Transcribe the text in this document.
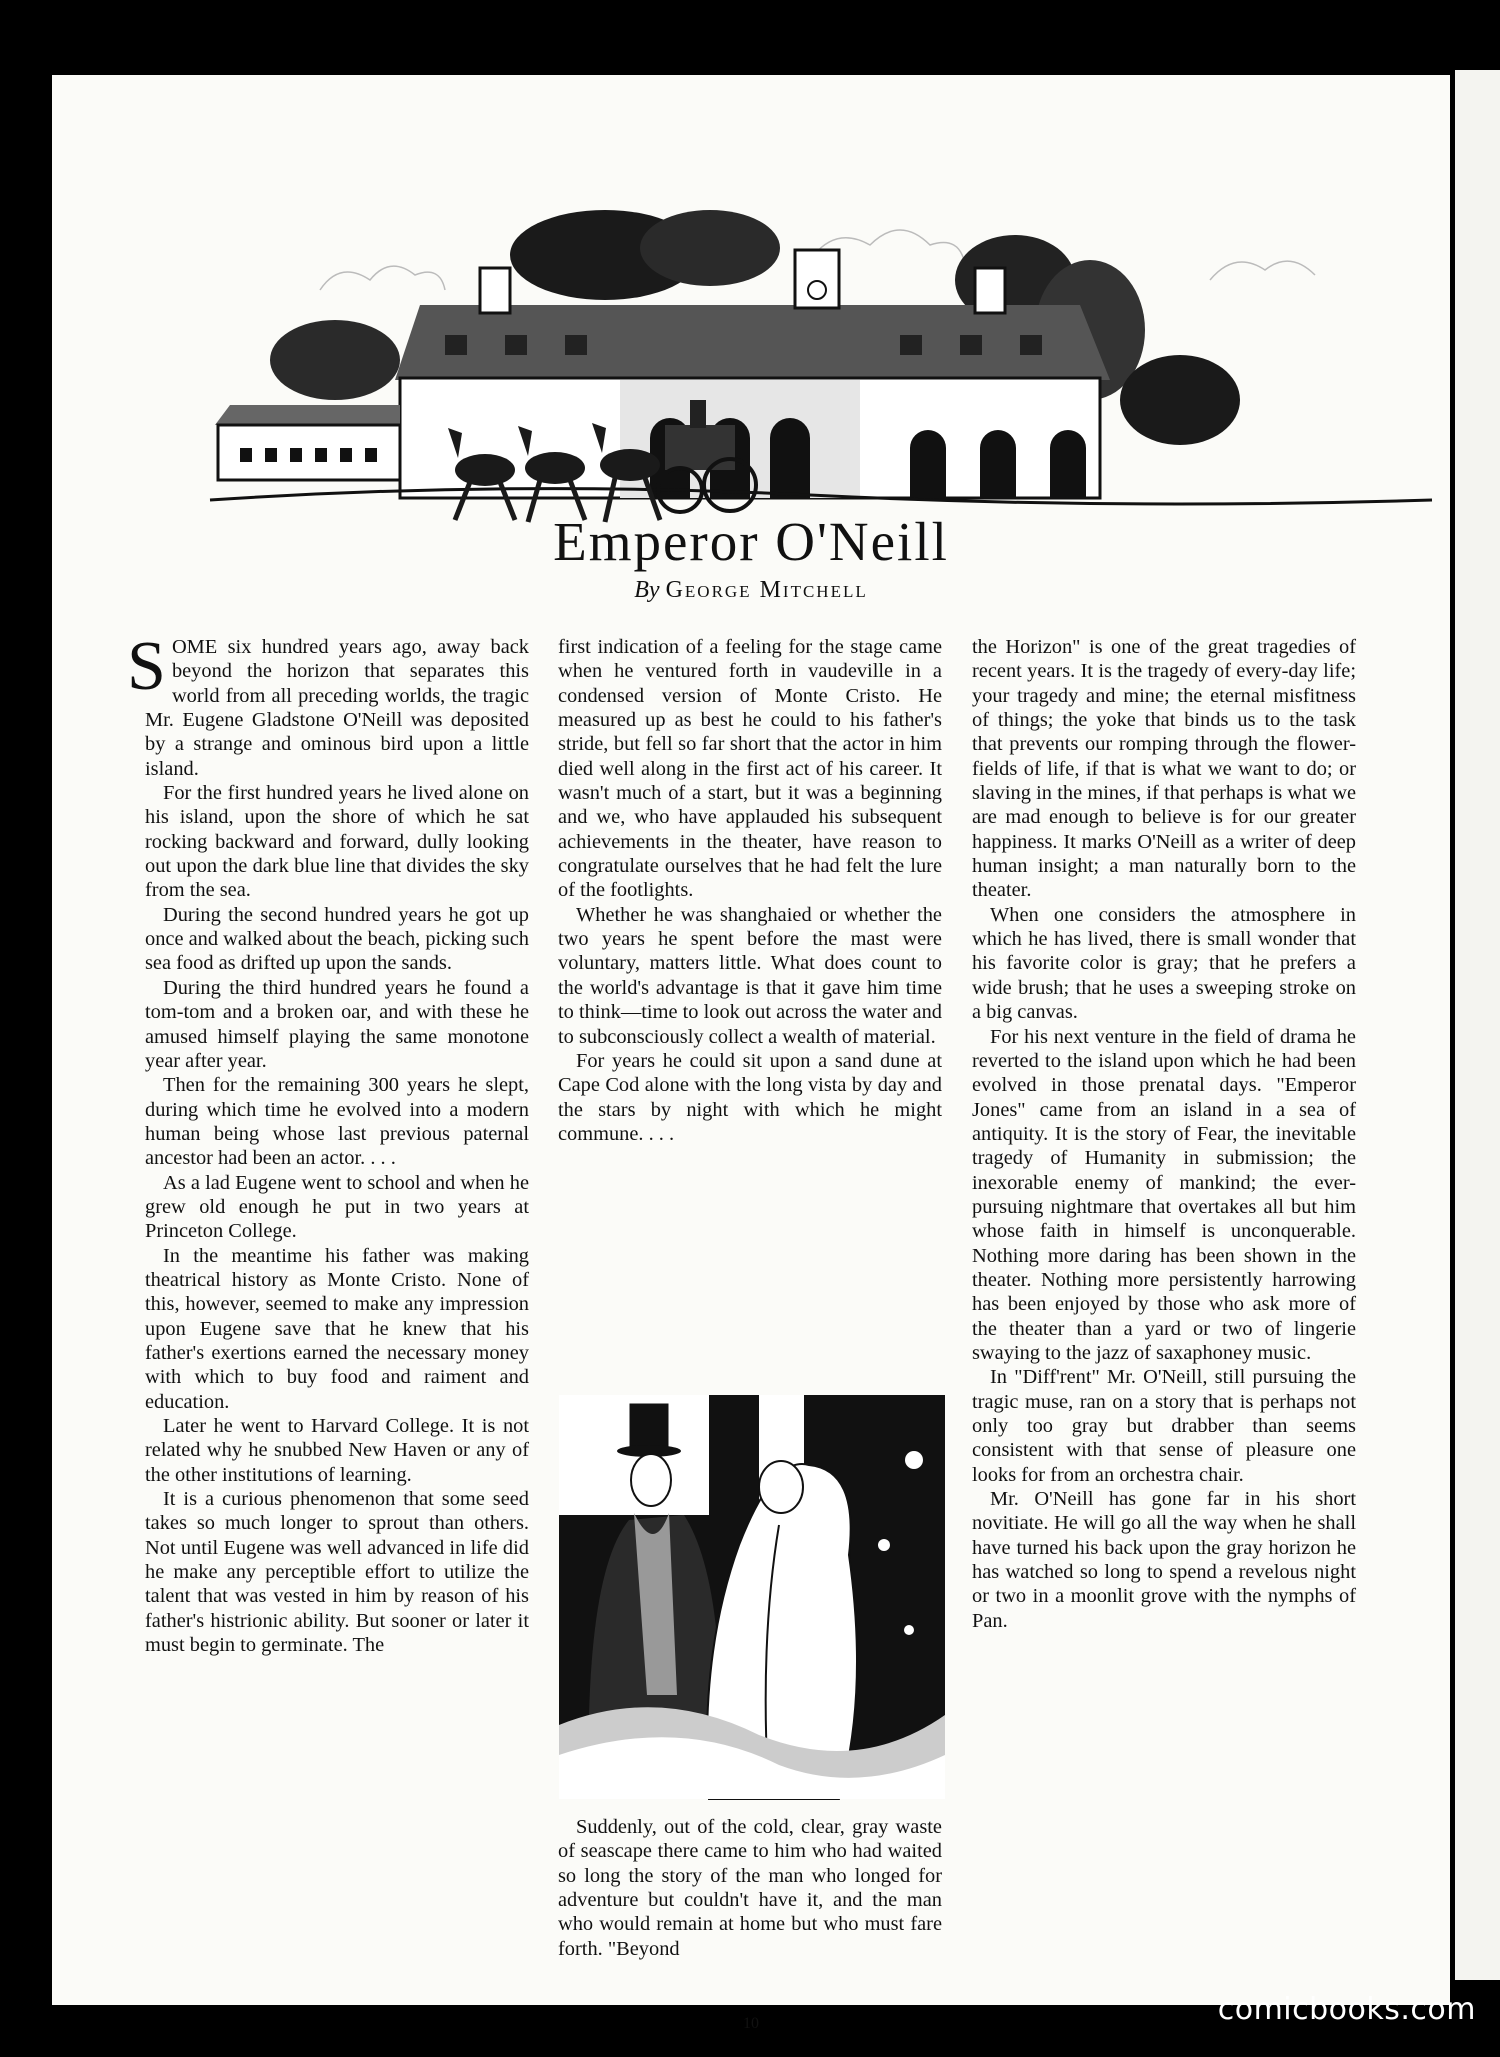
Emperor O'Neill
By George Mitchell

SOME six hundred years ago, away back beyond the horizon that separates this world from all preceding worlds, the tragic Mr. Eugene Gladstone O'Neill was deposited by a strange and ominous bird upon a little island.

For the first hundred years he lived alone on his island, upon the shore of which he sat rocking backward and forward, dully looking out upon the dark blue line that divides the sky from the sea.

During the second hundred years he got up once and walked about the beach, picking such sea food as drifted up upon the sands.

During the third hundred years he found a tom-tom and a broken oar, and with these he amused himself playing the same monotone year after year.

Then for the remaining 300 years he slept, during which time he evolved into a modern human being whose last previous paternal ancestor had been an actor. . . .

As a lad Eugene went to school and when he grew old enough he put in two years at Princeton College.

In the meantime his father was making theatrical history as Monte Cristo. None of this, however, seemed to make any impression upon Eugene save that he knew that his father's exertions earned the necessary money with which to buy food and raiment and education.

Later he went to Harvard College. It is not related why he snubbed New Haven or any of the other institutions of learning.

It is a curious phenomenon that some seed takes so much longer to sprout than others. Not until Eugene was well advanced in life did he make any perceptible effort to utilize the talent that was vested in him by reason of his father's histrionic ability. But sooner or later it must begin to germinate. The

first indication of a feeling for the stage came when he ventured forth in vaudeville in a condensed version of Monte Cristo. He measured up as best he could to his father's stride, but fell so far short that the actor in him died well along in the first act of his career. It wasn't much of a start, but it was a beginning and we, who have applauded his subsequent achievements in the theater, have reason to congratulate ourselves that he had felt the lure of the footlights.

Whether he was shanghaied or whether the two years he spent before the mast were voluntary, matters little. What does count to the world's advantage is that it gave him time to think—time to look out across the water and to subconsciously collect a wealth of material.

For years he could sit upon a sand dune at Cape Cod alone with the long vista by day and the stars by night with which he might commune. . . .

Suddenly, out of the cold, clear, gray waste of seascape there came to him who had waited so long the story of the man who longed for adventure but couldn't have it, and the man who would remain at home but who must fare forth. "Beyond

the Horizon" is one of the great tragedies of recent years. It is the tragedy of every-day life; your tragedy and mine; the eternal misfitness of things; the yoke that binds us to the task that prevents our romping through the flower-fields of life, if that is what we want to do; or slaving in the mines, if that perhaps is what we are mad enough to believe is for our greater happiness. It marks O'Neill as a writer of deep human insight; a man naturally born to the theater.

When one considers the atmosphere in which he has lived, there is small wonder that his favorite color is gray; that he prefers a wide brush; that he uses a sweeping stroke on a big canvas.

For his next venture in the field of drama he reverted to the island upon which he had been evolved in those prenatal days. "Emperor Jones" came from an island in a sea of antiquity. It is the story of Fear, the inevitable tragedy of Humanity in submission; the inexorable enemy of mankind; the ever-pursuing nightmare that overtakes all but him whose faith in himself is unconquerable. Nothing more daring has been shown in the theater. Nothing more persistently harrowing has been enjoyed by those who ask more of the theater than a yard or two of lingerie swaying to the jazz of saxaphoney music.

In "Diff'rent" Mr. O'Neill, still pursuing the tragic muse, ran on a story that is perhaps not only too gray but drabber than seems consistent with that sense of pleasure one looks for from an orchestra chair.

Mr. O'Neill has gone far in his short novitiate. He will go all the way when he shall have turned his back upon the gray horizon he has watched so long to spend a revelous night or two in a moonlit grove with the nymphs of Pan.

10	comicbooks.com
